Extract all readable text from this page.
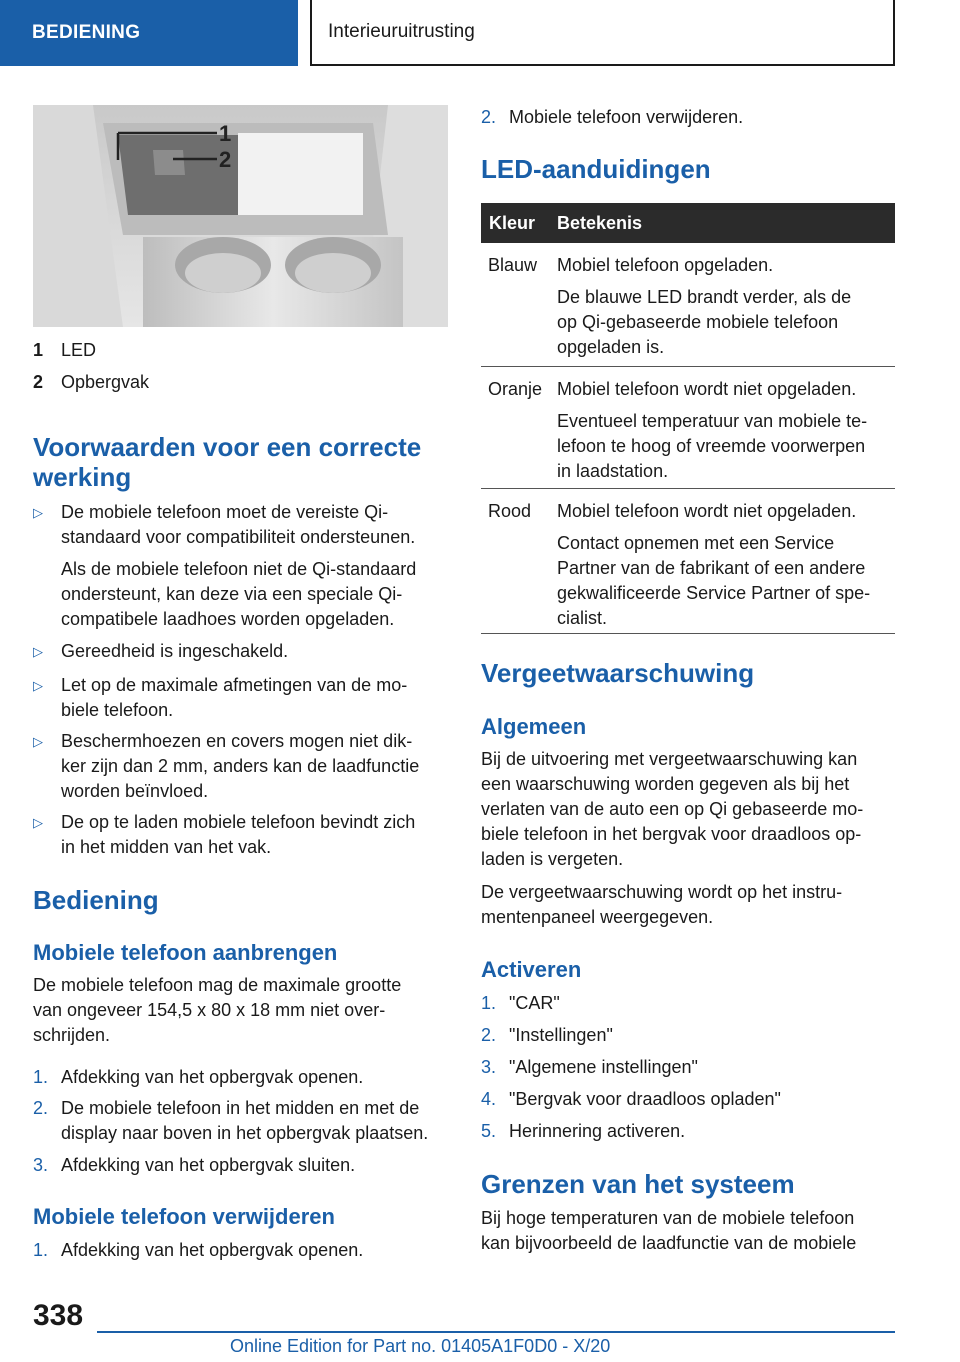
BEDIENING	Interieuruitrusting
1
2
1 LED
2 Opbergvak
Voorwaarden voor een correcte
werking
▷ De mobiele telefoon moet de vereiste Qi-
standaard voor compatibiliteit ondersteunen.
Als de mobiele telefoon niet de Qi-standaard
ondersteunt, kan deze via een speciale Qi-
compatibele laadhoes worden opgeladen.
▷ Gereedheid is ingeschakeld.
▷ Let op de maximale afmetingen van de mo-
biele telefoon.
▷ Beschermhoezen en covers mogen niet dik-
ker zijn dan 2 mm, anders kan de laadfunctie
worden beïnvloed.
▷ De op te laden mobiele telefoon bevindt zich
in het midden van het vak.
Bediening
Mobiele telefoon aanbrengen
De mobiele telefoon mag de maximale grootte
van ongeveer 154,5 x 80 x 18 mm niet over-
schrijden.
1. Afdekking van het opbergvak openen.
2. De mobiele telefoon in het midden en met de
display naar boven in het opbergvak plaatsen.
3. Afdekking van het opbergvak sluiten.
Mobiele telefoon verwijderen
1. Afdekking van het opbergvak openen.
2. Mobiele telefoon verwijderen.
LED-aanduidingen
Kleur Betekenis
Blauw Mobiel telefoon opgeladen.
De blauwe LED brandt verder, als de
op Qi-gebaseerde mobiele telefoon
opgeladen is.
Oranje Mobiel telefoon wordt niet opgeladen.
Eventueel temperatuur van mobiele te-
lefoon te hoog of vreemde voorwerpen
in laadstation.
Rood Mobiel telefoon wordt niet opgeladen.
Contact opnemen met een Service
Partner van de fabrikant of een andere
gekwalificeerde Service Partner of spe-
cialist.
Vergeetwaarschuwing
Algemeen
Bij de uitvoering met vergeetwaarschuwing kan
een waarschuwing worden gegeven als bij het
verlaten van de auto een op Qi gebaseerde mo-
biele telefoon in het bergvak voor draadloos op-
laden is vergeten.
De vergeetwaarschuwing wordt op het instru-
mentenpaneel weergegeven.
Activeren
1. "CAR"
2. "Instellingen"
3. "Algemene instellingen"
4. "Bergvak voor draadloos opladen"
5. Herinnering activeren.
Grenzen van het systeem
Bij hoge temperaturen van de mobiele telefoon
kan bijvoorbeeld de laadfunctie van de mobiele
338
Online Edition for Part no. 01405A1F0D0 - X/20
